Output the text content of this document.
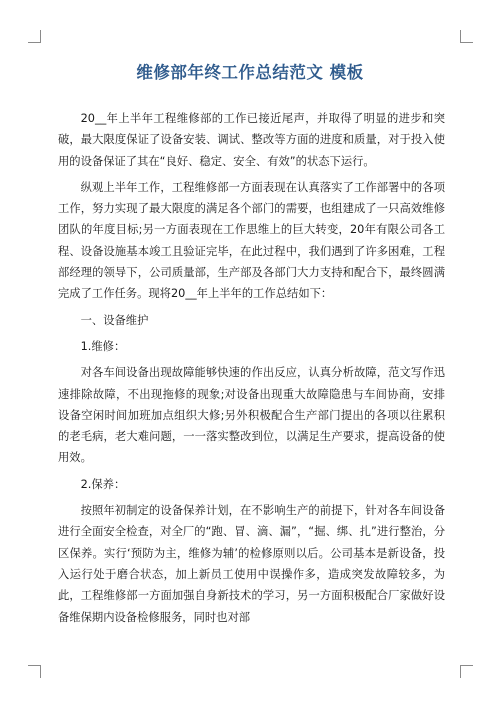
维修部年终工作总结范文 模板

20__年上半年工程维修部的工作已接近尾声，并取得了明显的进步和突破，最大限度保证了设备安装、调试、整改等方面的进度和质量，对于投入使用的设备保证了其在“良好、稳定、安全、有效”的状态下运行。

纵观上半年工作，工程维修部一方面表现在认真落实了工作部署中的各项工作，努力实现了最大限度的满足各个部门的需要，也组建成了一只高效维修团队的年度目标;另一方面表现在工作思维上的巨大转变，20年有限公司各工程、设备设施基本竣工且验证完毕，在此过程中，我们遇到了许多困难，工程部经理的领导下，公司质量部，生产部及各部门大力支持和配合下，最终圆满完成了工作任务。现将20__年上半年的工作总结如下：

一、设备维护

1.维修：

对各车间设备出现故障能够快速的作出反应，认真分析故障，范文写作迅速排除故障，不出现拖修的现象;对设备出现重大故障隐患与车间协商，安排设备空闲时间加班加点组织大修;另外积极配合生产部门提出的各项以往累积的老毛病，老大难问题，一一落实整改到位，以满足生产要求，提高设备的使用效。

2.保养：

按照年初制定的设备保养计划，在不影响生产的前提下，针对各车间设备进行全面安全检查，对全厂的“跑、冒、滴、漏”，“掘、绑、扎”进行整治，分区保养。实行‘预防为主，维修为辅’的检修原则以后。公司基本是新设备，投入运行处于磨合状态，加上新员工使用中误操作多，造成突发故障较多，为此，工程维修部一方面加强自身新技术的学习，另一方面积极配合厂家做好设备维保期内设备检修服务，同时也对部
